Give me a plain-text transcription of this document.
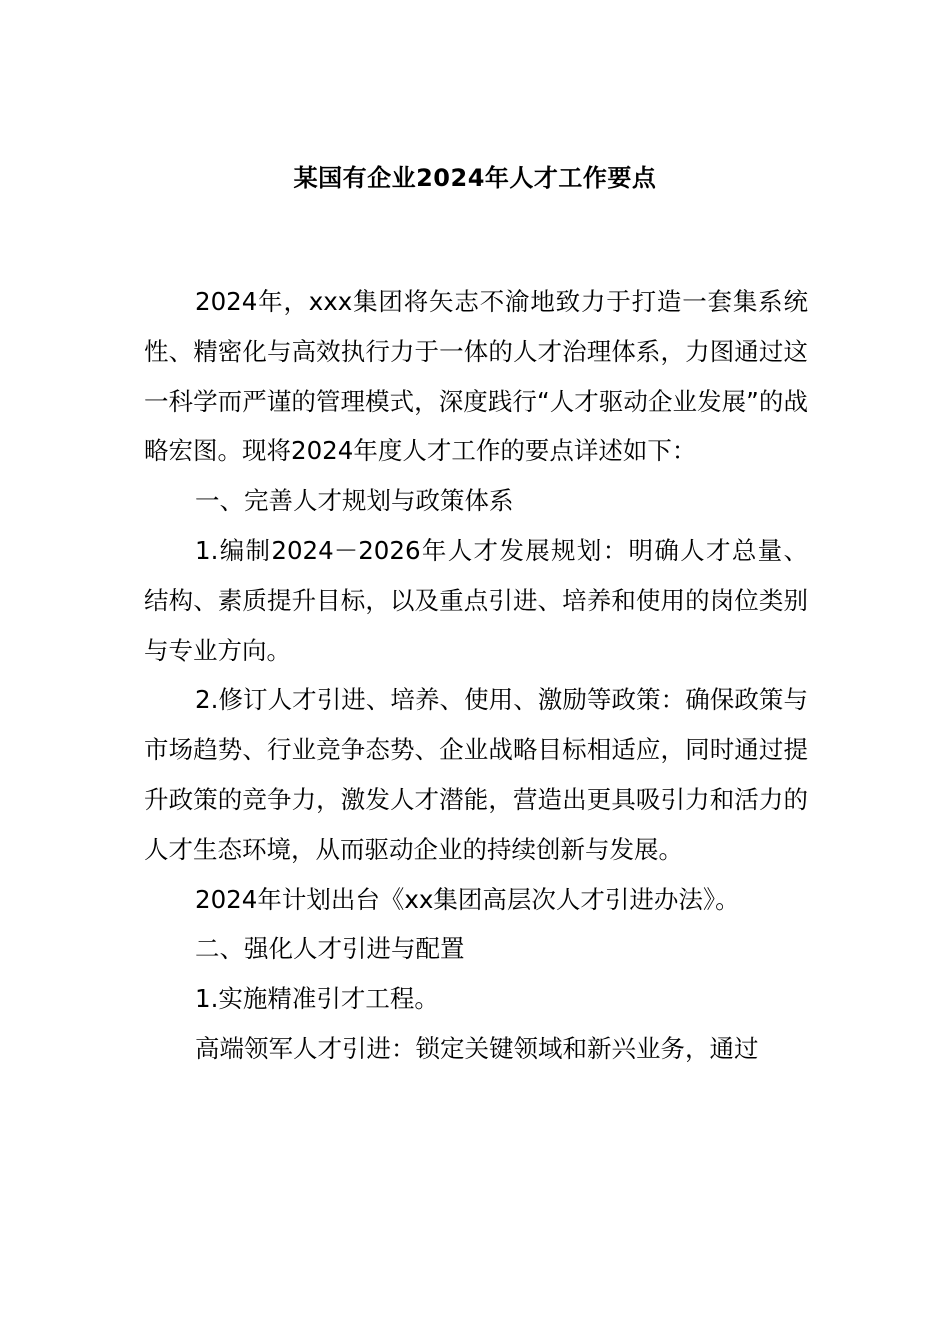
某国有企业2024年人才工作要点

2024年，xxx集团将矢志不渝地致力于打造一套集系统性、精密化与高效执行力于一体的人才治理体系，力图通过这一科学而严谨的管理模式，深度践行“人才驱动企业发展”的战略宏图。现将2024年度人才工作的要点详述如下：

一、完善人才规划与政策体系

1.编制2024－2026年人才发展规划：明确人才总量、结构、素质提升目标，以及重点引进、培养和使用的岗位类别与专业方向。

2.修订人才引进、培养、使用、激励等政策：确保政策与市场趋势、行业竞争态势、企业战略目标相适应，同时通过提升政策的竞争力，激发人才潜能，营造出更具吸引力和活力的人才生态环境，从而驱动企业的持续创新与发展。

2024年计划出台《xx集团高层次人才引进办法》。

二、强化人才引进与配置

1.实施精准引才工程。

高端领军人才引进：锁定关键领域和新兴业务，通过
